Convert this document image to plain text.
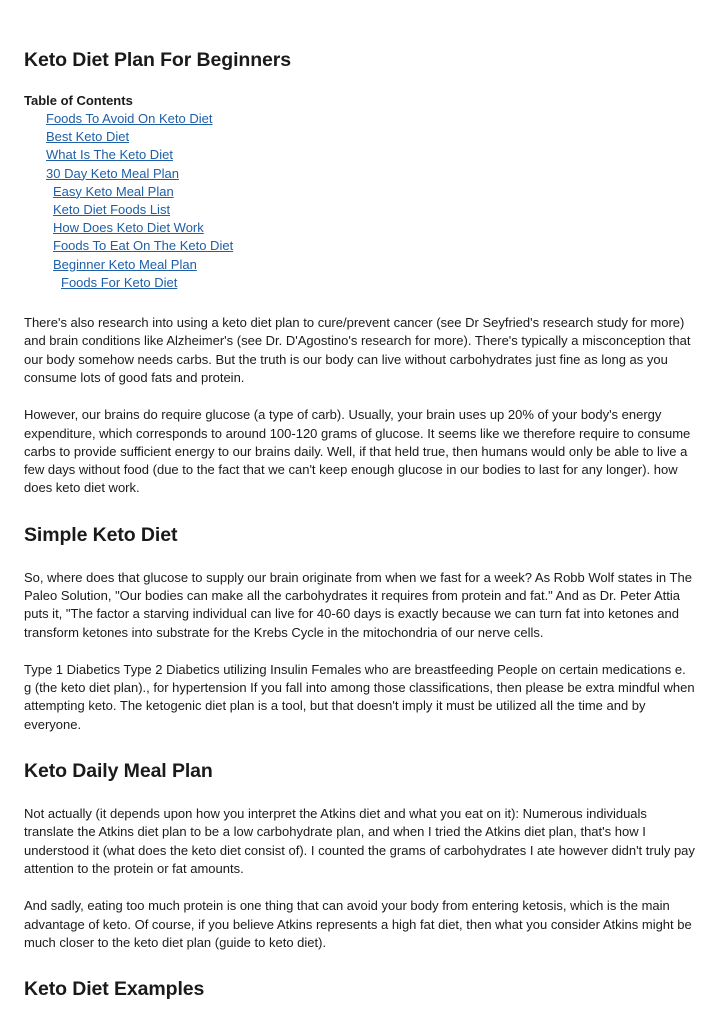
Keto Diet Plan For Beginners
Table of Contents
Foods To Avoid On Keto Diet
Best Keto Diet
What Is The Keto Diet
30 Day Keto Meal Plan
Easy Keto Meal Plan
Keto Diet Foods List
How Does Keto Diet Work
Foods To Eat On The Keto Diet
Beginner Keto Meal Plan
Foods For Keto Diet

There's also research into using a keto diet plan to cure/prevent cancer (see Dr Seyfried's research study for more) and brain conditions like Alzheimer's (see Dr. D'Agostino's research for more). There's typically a misconception that our body somehow needs carbs. But the truth is our body can live without carbohydrates just fine as long as you consume lots of good fats and protein.

However, our brains do require glucose (a type of carb). Usually, your brain uses up 20% of your body's energy expenditure, which corresponds to around 100-120 grams of glucose. It seems like we therefore require to consume carbs to provide sufficient energy to our brains daily. Well, if that held true, then humans would only be able to live a few days without food (due to the fact that we can't keep enough glucose in our bodies to last for any longer). how does keto diet work.

Simple Keto Diet

So, where does that glucose to supply our brain originate from when we fast for a week? As Robb Wolf states in The Paleo Solution, "Our bodies can make all the carbohydrates it requires from protein and fat." And as Dr. Peter Attia puts it, "The factor a starving individual can live for 40-60 days is exactly because we can turn fat into ketones and transform ketones into substrate for the Krebs Cycle in the mitochondria of our nerve cells.

Type 1 Diabetics Type 2 Diabetics utilizing Insulin Females who are breastfeeding People on certain medications e. g (the keto diet plan)., for hypertension If you fall into among those classifications, then please be extra mindful when attempting keto. The ketogenic diet plan is a tool, but that doesn't imply it must be utilized all the time and by everyone.

Keto Daily Meal Plan

Not actually (it depends upon how you interpret the Atkins diet and what you eat on it): Numerous individuals translate the Atkins diet plan to be a low carbohydrate plan, and when I tried the Atkins diet plan, that's how I understood it (what does the keto diet consist of). I counted the grams of carbohydrates I ate however didn't truly pay attention to the protein or fat amounts.

And sadly, eating too much protein is one thing that can avoid your body from entering ketosis, which is the main advantage of keto. Of course, if you believe Atkins represents a high fat diet, then what you consider Atkins might be much closer to the keto diet plan (guide to keto diet).

Keto Diet Examples
